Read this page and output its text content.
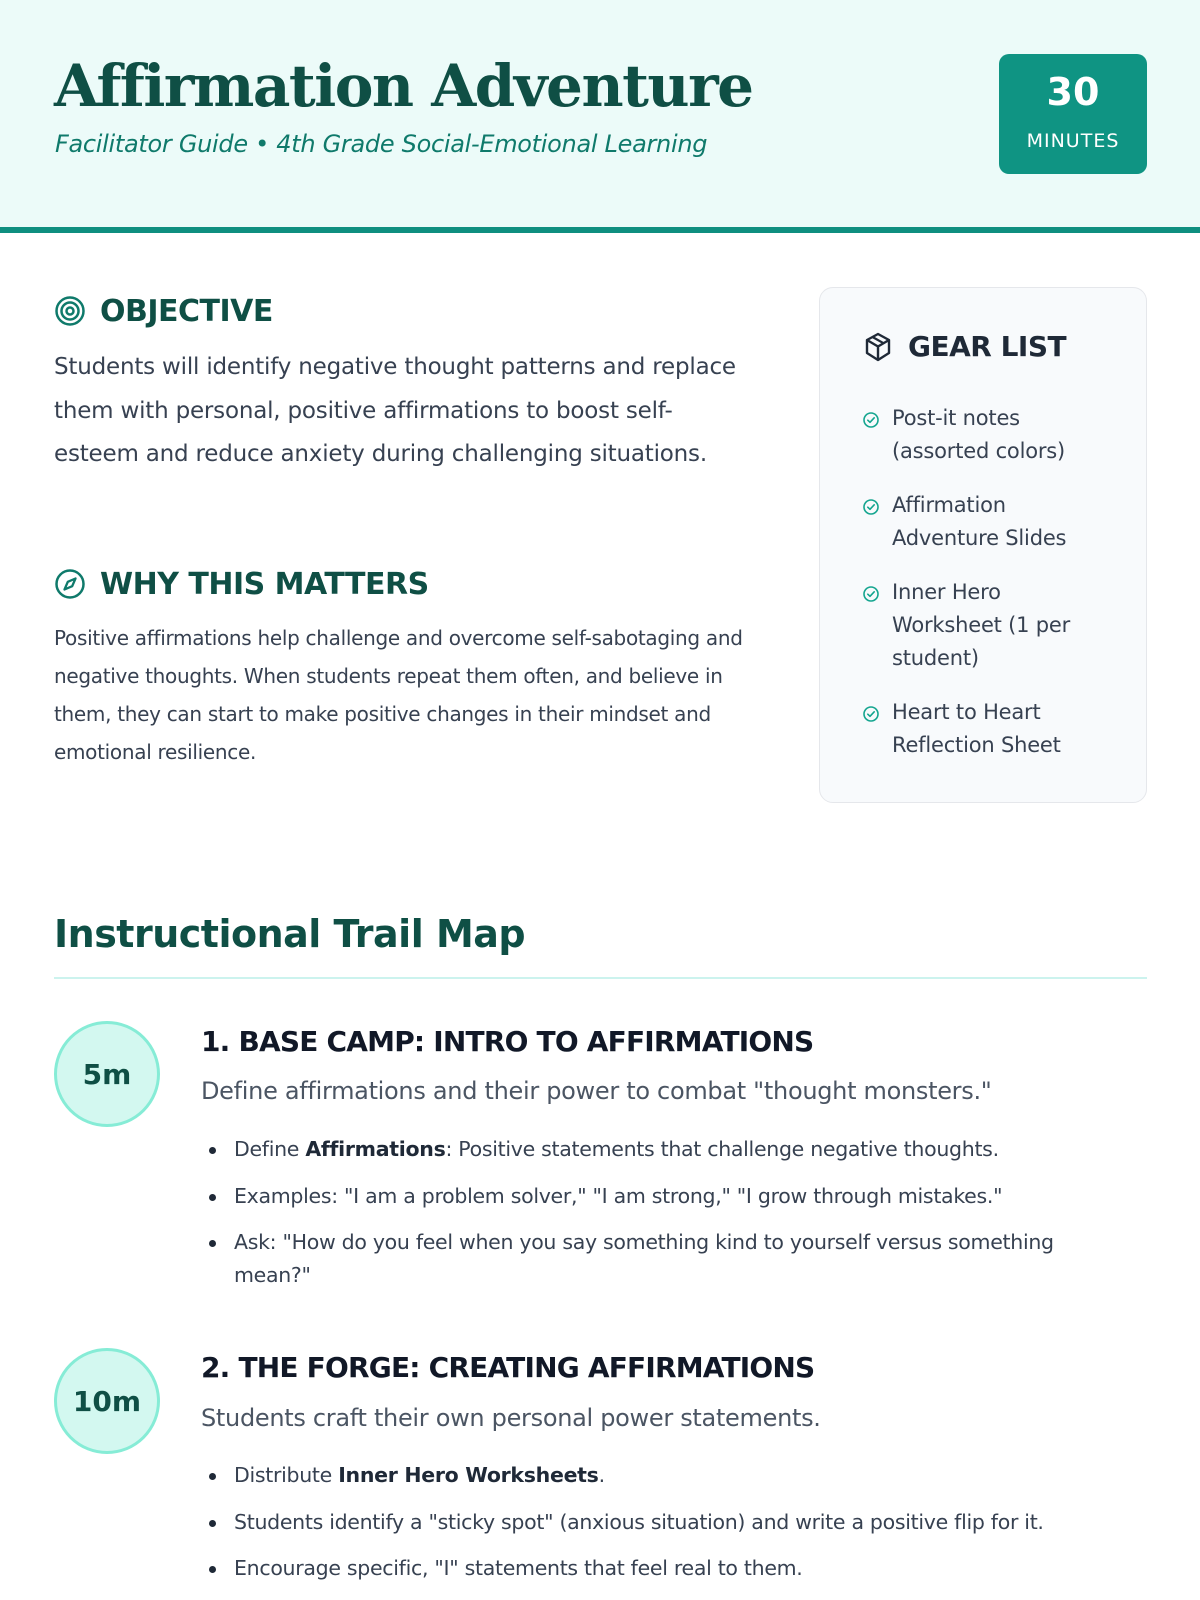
Affirmation Adventure
Facilitator Guide • 4th Grade Social-Emotional Learning
30
MINUTES
OBJECTIVE
Students will identify negative thought patterns and replace them with personal, positive affirmations to boost self-esteem and reduce anxiety during challenging situations.
WHY THIS MATTERS
Positive affirmations help challenge and overcome self-sabotaging and negative thoughts. When students repeat them often, and believe in them, they can start to make positive changes in their mindset and emotional resilience.
GEAR LIST
Post-it notes (assorted colors)
Affirmation Adventure Slides
Inner Hero Worksheet (1 per student)
Heart to Heart Reflection Sheet
Instructional Trail Map
5m
1. BASE CAMP: INTRO TO AFFIRMATIONS
Define affirmations and their power to combat "thought monsters."
Define Affirmations: Positive statements that challenge negative thoughts.
Examples: "I am a problem solver," "I am strong," "I grow through mistakes."
Ask: "How do you feel when you say something kind to yourself versus something mean?"
10m
2. THE FORGE: CREATING AFFIRMATIONS
Students craft their own personal power statements.
Distribute Inner Hero Worksheets.
Students identify a "sticky spot" (anxious situation) and write a positive flip for it.
Encourage specific, "I" statements that feel real to them.
